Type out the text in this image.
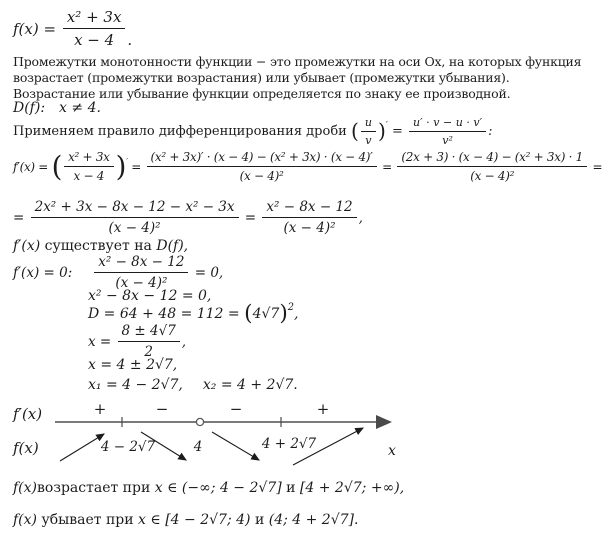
$f(x) = \frac{\text{x² + 3x}}{x - 4}$ .
Промежутки монотонности функции − это промежутки на оси Ox, на которых функция
возрастает (промежутки возрастания) или убывает (промежутки убывания).
Возрастание или убывание функции определяется по знаку ее производной.
D(f): x ≠ 4.
Применяем правило дифференцирования дроби ( $\frac{u}{v}$ ) ′ = $\frac{u' \cdot v - u \cdot v'}{\text{v²}}$ :
f′(x) = ( $\frac{\text{x² + 3x}}{x - 4}$ ) ′ = $\frac{\text{(x² + 3x)′ · (x − 4) − (x² + 3x) · (x − 4)′}}{\text{(x − 4)²}} = \frac{\text{(2x + 3) · (x − 4) − (x² + 3x) · 1}}{\text{(x − 4)²}}$ =
= $\frac{\text{2x² + 3x − 8x − 12 − x² − 3x}}{\text{(x − 4)²}} = \frac{\text{x² − 8x − 12}}{\text{(x − 4)²}}$ ,
f′(x) существует на D(f),
f′(x) = 0: $\frac{\text{x² − 8x − 12}}{\text{(x − 4)²}} = 0$,
x² − 8x − 12 = 0,
D = 64 + 48 = 112 = ( 4√7 ) 2 ,
$x = \frac{8 \pm 4√7}{2}$ ,
x = 4 ± 2√7,
x₁ = 4 − 2√7, x₂ = 4 + 2√7.
f′(x)	+	−	−	+
f(x)	4 − 2√7	4	4 + 2√7	x
f(x) возрастает при x ∈ (−∞; 4 − 2√7] и [4 + 2√7; +∞),
f(x) убывает при x ∈ [4 − 2√7; 4) и (4; 4 + 2√7].
